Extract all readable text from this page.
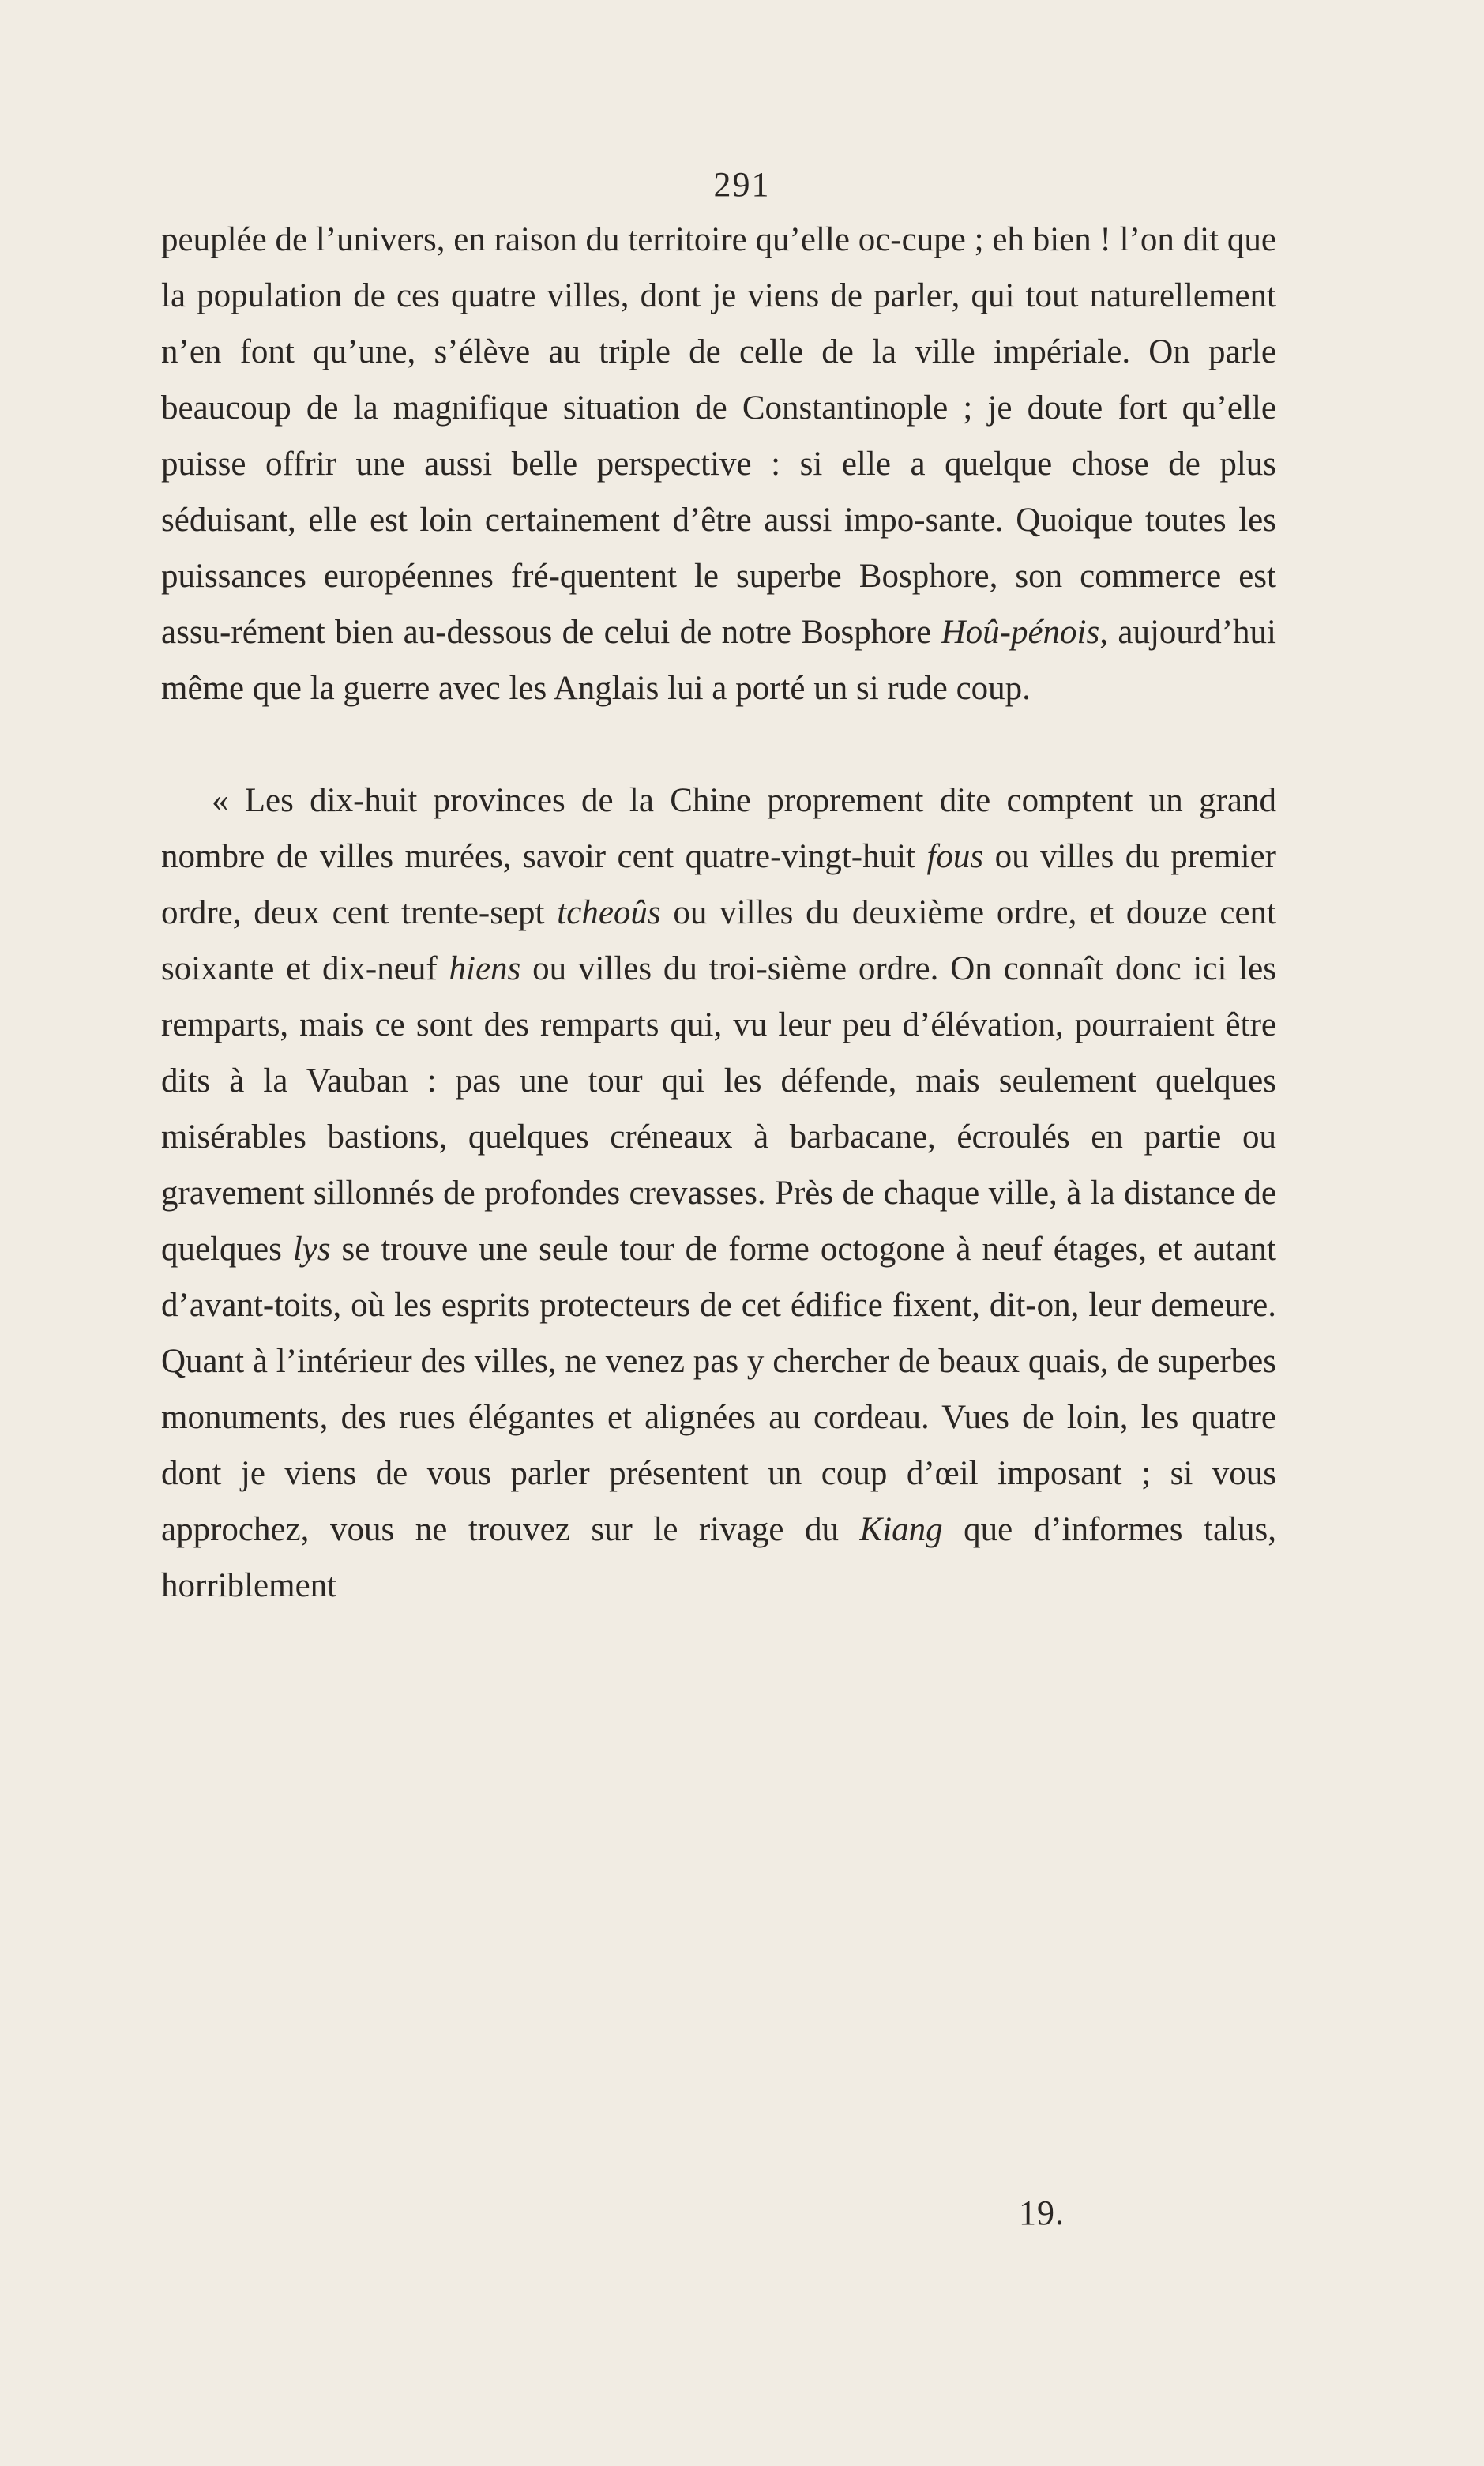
291

peuplée de l’univers, en raison du territoire qu’elle oc-cupe ; eh bien ! l’on dit que la population de ces quatre villes, dont je viens de parler, qui tout naturellement n’en font qu’une, s’élève au triple de celle de la ville impériale. On parle beaucoup de la magnifique situation de Constantinople ; je doute fort qu’elle puisse offrir une aussi belle perspective : si elle a quelque chose de plus séduisant, elle est loin certainement d’être aussi impo-sante. Quoique toutes les puissances européennes fré-quentent le superbe Bosphore, son commerce est assu-rément bien au-dessous de celui de notre Bosphore Hoû-pénois, aujourd’hui même que la guerre avec les Anglais lui a porté un si rude coup.

« Les dix-huit provinces de la Chine proprement dite comptent un grand nombre de villes murées, savoir cent quatre-vingt-huit fous ou villes du premier ordre, deux cent trente-sept tcheoûs ou villes du deuxième ordre, et douze cent soixante et dix-neuf hiens ou villes du troi-sième ordre. On connaît donc ici les remparts, mais ce sont des remparts qui, vu leur peu d’élévation, pourraient être dits à la Vauban : pas une tour qui les défende, mais seulement quelques misérables bastions, quelques créneaux à barbacane, écroulés en partie ou gravement sillonnés de profondes crevasses. Près de chaque ville, à la distance de quelques lys se trouve une seule tour de forme octogone à neuf étages, et autant d’avant-toits, où les esprits protecteurs de cet édifice fixent, dit-on, leur demeure. Quant à l’intérieur des villes, ne venez pas y chercher de beaux quais, de superbes monuments, des rues élégantes et alignées au cordeau. Vues de loin, les quatre dont je viens de vous parler présentent un coup d’œil imposant ; si vous approchez, vous ne trouvez sur le rivage du Kiang que d’informes talus, horriblement

19.
